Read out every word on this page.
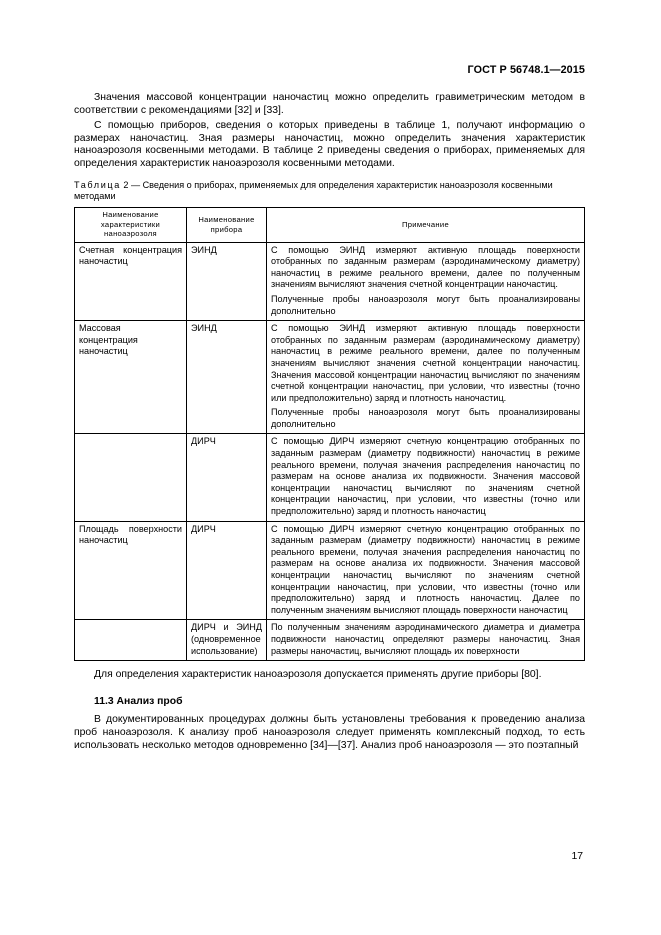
ГОСТ Р 56748.1—2015

Значения массовой концентрации наночастиц можно определить гравиметрическим методом в соответствии с рекомендациями [32] и [33].

С помощью приборов, сведения о которых приведены в таблице 1, получают информацию о размерах наночастиц. Зная размеры наночастиц, можно определить значения характеристик наноаэрозоля косвенными методами. В таблице 2 приведены сведения о приборах, применяемых для определения характеристик наноаэрозоля косвенными методами.

Таблица 2 — Сведения о приборах, применяемых для определения характеристик наноаэрозоля косвенными методами
Наименование характеристики наноаэрозоля	Наименование прибора	Примечание
Счетная концентрация наночастиц	ЭИНД	С помощью ЭИНД измеряют активную площадь поверхности отобранных по заданным размерам (аэродинамическому диаметру) наночастиц в режиме реального времени, далее по полученным значениям вычисляют значения счетной концентрации наночастиц.

Полученные пробы наноаэрозоля могут быть проанализированы дополнительно

Массовая концентрация наночастиц	ЭИНД	С помощью ЭИНД измеряют активную площадь поверхности отобранных по заданным размерам (аэродинамическому диаметру) наночастиц в режиме реального времени, далее по полученным значениям вычисляют значения счетной концентрации наночастиц. Значения массовой концентрации наночастиц вычисляют по значениям счетной концентрации наночастиц, при условии, что известны (точно или предположительно) заряд и плотность наночастиц.

Полученные пробы наноаэрозоля могут быть проанализированы дополнительно

	ДИРЧ	С помощью ДИРЧ измеряют счетную концентрацию отобранных по заданным размерам (диаметру подвижности) наночастиц в режиме реального времени, получая значения распределения наночастиц по размерам на основе анализа их подвижности. Значения массовой концентрации наночастиц вычисляют по значениям счетной концентрации наночастиц, при условии, что известны (точно или предположительно) заряд и плотность наночастиц

Площадь поверхности наночастиц	ДИРЧ	С помощью ДИРЧ измеряют счетную концентрацию отобранных по заданным размерам (диаметру подвижности) наночастиц в режиме реального времени, получая значения распределения наночастиц по размерам на основе анализа их подвижности. Значения массовой концентрации наночастиц вычисляют по значениям счетной концентрации наночастиц, при условии, что известны (точно или предположительно) заряд и плотность наночастиц. Далее по полученным значениям вычисляют площадь поверхности наночастиц

	ДИРЧ и ЭИНД (одновременное использование)	По полученным значениям аэродинамического диаметра и диаметра подвижности наночастиц определяют размеры наночастиц. Зная размеры наночастиц, вычисляют площадь их поверхности

Для определения характеристик наноаэрозоля допускается применять другие приборы [80].

11.3 Анализ проб

В документированных процедурах должны быть установлены требования к проведению анализа проб наноаэрозоля. К анализу проб наноаэрозоля следует применять комплексный подход, то есть использовать несколько методов одновременно [34]—[37]. Анализ проб наноаэрозоля — это поэтапный

17
